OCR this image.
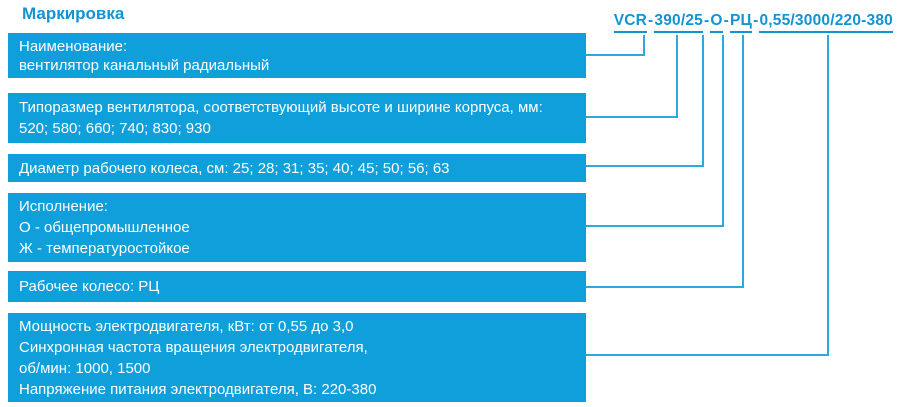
Маркировка	VCR-390/25-О-РЦ-0,55/3000/220-380
Наименование:
вентилятор канальный радиальный
Типоразмер вентилятора, соответствующий высоте и ширине корпуса, мм:
520; 580; 660; 740; 830; 930
Диаметр рабочего колеса, см: 25; 28; 31; 35; 40; 45; 50; 56; 63
Исполнение:
О - общепромышленное
Ж - температуростойкое
Рабочее колесо: РЦ
Мощность электродвигателя, кВт: от 0,55 до 3,0
Синхронная частота вращения электродвигателя,
об/мин: 1000, 1500
Напряжение питания электродвигателя, В: 220-380
